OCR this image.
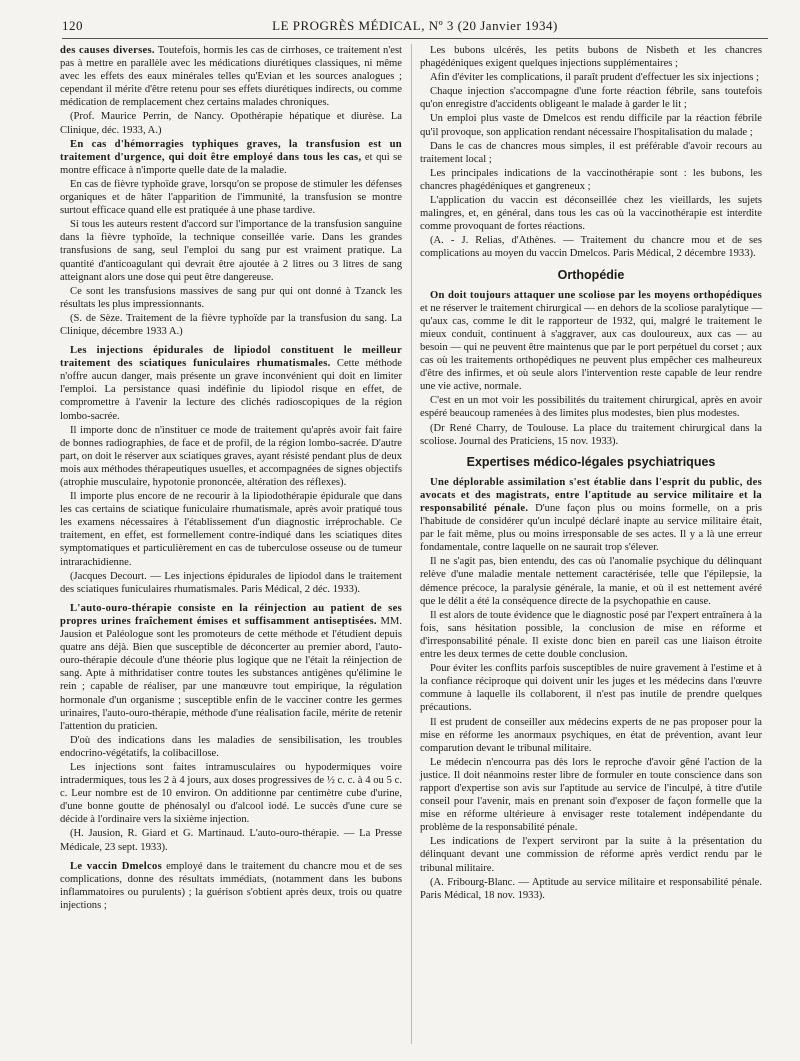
120	LE PROGRÈS MÉDICAL, Nº 3 (20 Janvier 1934)

des causes diverses. Toutefois, hormis les cas de cirrhoses, ce traitement n'est pas à mettre en parallèle avec les médications diurétiques classiques, ni même avec les effets des eaux minérales telles qu'Evian et les sources analogues ; cependant il mérite d'être retenu pour ses effets diurétiques indirects, ou comme médication de remplacement chez certains malades chroniques.

(Prof. Maurice Perrin, de Nancy. Opothérapie hépatique et diurèse. La Clinique, déc. 1933, A.)

En cas d'hémorragies typhiques graves, la transfusion est un traitement d'urgence, qui doit être employé dans tous les cas, et qui se montre efficace à n'importe quelle date de la maladie.

En cas de fièvre typhoïde grave, lorsqu'on se propose de stimuler les défenses organiques et de hâter l'apparition de l'immunité, la transfusion se montre surtout efficace quand elle est pratiquée à une phase tardive.

Si tous les auteurs restent d'accord sur l'importance de la transfusion sanguine dans la fièvre typhoïde, la technique conseillée varie. Dans les grandes transfusions de sang, seul l'emploi du sang pur est vraiment pratique. La quantité d'anticoagulant qui devrait être ajoutée à 2 litres ou 3 litres de sang atteignant alors une dose qui peut être dangereuse.

Ce sont les transfusions massives de sang pur qui ont donné à Tzanck les résultats les plus impressionnants.

(S. de Sèze. Traitement de la fièvre typhoïde par la transfusion du sang. La Clinique, décembre 1933 A.)

Les injections épidurales de lipiodol constituent le meilleur traitement des sciatiques funiculaires rhumatismales. Cette méthode n'offre aucun danger, mais présente un grave inconvénient qui doit en limiter l'emploi. La persistance quasi indéfinie du lipiodol risque en effet, de compromettre à l'avenir la lecture des clichés radioscopiques de la région lombo-sacrée.

Il importe donc de n'instituer ce mode de traitement qu'après avoir fait faire de bonnes radiographies, de face et de profil, de la région lombo-sacrée. D'autre part, on doit le réserver aux sciatiques graves, ayant résisté pendant plus de deux mois aux méthodes thérapeutiques usuelles, et accompagnées de signes objectifs (atrophie musculaire, hypotonie prononcée, altération des réflexes).

Il importe plus encore de ne recourir à la lipiodothérapie épidurale que dans les cas certains de sciatique funiculaire rhumatismale, après avoir pratiqué tous les examens nécessaires à l'établissement d'un diagnostic irréprochable. Ce traitement, en effet, est formellement contre-indiqué dans les sciatiques dites symptomatiques et particulièrement en cas de tuberculose osseuse ou de tumeur intrarachidienne.

(Jacques Decourt. — Les injections épidurales de lipiodol dans le traitement des sciatiques funiculaires rhumatismales. Paris Médical, 2 déc. 1933).

L'auto-ouro-thérapie consiste en la réinjection au patient de ses propres urines fraîchement émises et suffisamment antiseptisées. MM. Jausion et Paléologue sont les promoteurs de cette méthode et l'étudient depuis quatre ans déjà. Bien que susceptible de déconcerter au premier abord, l'auto-ouro-thérapie découle d'une théorie plus logique que ne l'était la réinjection de sang. Apte à mithridatiser contre toutes les substances antigènes qu'élimine le rein ; capable de réaliser, par une manœuvre tout empirique, la régulation hormonale d'un organisme ; susceptible enfin de le vacciner contre les germes urinaires, l'auto-ouro-thérapie, méthode d'une réalisation facile, mérite de retenir l'attention du praticien.

D'où des indications dans les maladies de sensibilisation, les troubles endocrino-végétatifs, la colibacillose.

Les injections sont faites intramusculaires ou hypodermiques voire intradermiques, tous les 2 à 4 jours, aux doses progressives de ½ c. c. à 4 ou 5 c. c. Leur nombre est de 10 environ. On additionne par centimètre cube d'urine, d'une bonne goutte de phénosalyl ou d'alcool iodé. Le succès d'une cure se décide à l'ordinaire vers la sixième injection.

(H. Jausion, R. Giard et G. Martinaud. L'auto-ouro-thérapie. — La Presse Médicale, 23 sept. 1933).

Le vaccin Dmelcos employé dans le traitement du chancre mou et de ses complications, donne des résultats immédiats, (notamment dans les bubons inflammatoires ou purulents) ; la guérison s'obtient après deux, trois ou quatre injections ;

Les bubons ulcérés, les petits bubons de Nisbeth et les chancres phagédéniques exigent quelques injections supplémentaires ;

Afin d'éviter les complications, il paraît prudent d'effectuer les six injections ;

Chaque injection s'accompagne d'une forte réaction fébrile, sans toutefois qu'on enregistre d'accidents obligeant le malade à garder le lit ;

Un emploi plus vaste de Dmelcos est rendu difficile par la réaction fébrile qu'il provoque, son application rendant nécessaire l'hospitalisation du malade ;

Dans le cas de chancres mous simples, il est préférable d'avoir recours au traitement local ;

Les principales indications de la vaccinothérapie sont : les bubons, les chancres phagédéniques et gangreneux ;

L'application du vaccin est déconseillée chez les vieillards, les sujets malingres, et, en général, dans tous les cas où la vaccinothérapie est interdite comme provoquant de fortes réactions.

(A. - J. Relias, d'Athènes. — Traitement du chancre mou et de ses complications au moyen du vaccin Dmelcos. Paris Médical, 2 décembre 1933).

Orthopédie

On doit toujours attaquer une scoliose par les moyens orthopédiques et ne réserver le traitement chirurgical — en dehors de la scoliose paralytique — qu'aux cas, comme le dit le rapporteur de 1932, qui, malgré le traitement le mieux conduit, continuent à s'aggraver, aux cas douloureux, aux cas — au besoin — qui ne peuvent être maintenus que par le port perpétuel du corset ; aux cas où les traitements orthopédiques ne peuvent plus empêcher ces malheureux d'être des infirmes, et où seule alors l'intervention reste capable de leur rendre une vie active, normale.

C'est en un mot voir les possibilités du traitement chirurgical, après en avoir espéré beaucoup ramenées à des limites plus modestes, bien plus modestes.

(Dr René Charry, de Toulouse. La place du traitement chirurgical dans la scoliose. Journal des Praticiens, 15 nov. 1933).

Expertises médico-légales psychiatriques

Une déplorable assimilation s'est établie dans l'esprit du public, des avocats et des magistrats, entre l'aptitude au service militaire et la responsabilité pénale. D'une façon plus ou moins formelle, on a pris l'habitude de considérer qu'un inculpé déclaré inapte au service militaire était, par le fait même, plus ou moins irresponsable de ses actes. Il y a là une erreur fondamentale, contre laquelle on ne saurait trop s'élever.

Il ne s'agit pas, bien entendu, des cas où l'anomalie psychique du délinquant relève d'une maladie mentale nettement caractérisée, telle que l'épilepsie, la démence précoce, la paralysie générale, la manie, et où il est nettement avéré que le délit a été la conséquence directe de la psychopathie en cause.

Il est alors de toute évidence que le diagnostic posé par l'expert entraînera à la fois, sans hésitation possible, la conclusion de mise en réforme et d'irresponsabilité pénale. Il existe donc bien en pareil cas une liaison étroite entre les deux termes de cette double conclusion.

Pour éviter les conflits parfois susceptibles de nuire gravement à l'estime et à la confiance réciproque qui doivent unir les juges et les médecins dans l'œuvre commune à laquelle ils collaborent, il n'est pas inutile de prendre quelques précautions.

Il est prudent de conseiller aux médecins experts de ne pas proposer pour la mise en réforme les anormaux psychiques, en état de prévention, avant leur comparution devant le tribunal militaire.

Le médecin n'encourra pas dès lors le reproche d'avoir gêné l'action de la justice. Il doit néanmoins rester libre de formuler en toute conscience dans son rapport d'expertise son avis sur l'aptitude au service de l'inculpé, à titre d'utile conseil pour l'avenir, mais en prenant soin d'exposer de façon formelle que la mise en réforme ultérieure à envisager reste totalement indépendante du problème de la responsabilité pénale.

Les indications de l'expert serviront par la suite à la présentation du délinquant devant une commission de réforme après verdict rendu par le tribunal militaire.

(A. Fribourg-Blanc. — Aptitude au service militaire et responsabilité pénale. Paris Médical, 18 nov. 1933).
